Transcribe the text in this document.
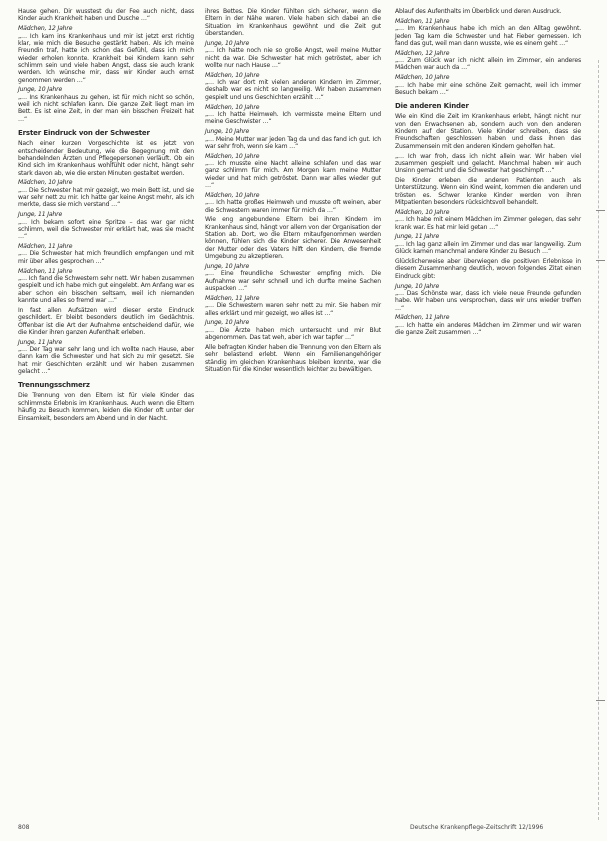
Hause gehen. Dir wusstest du der Fee auch nicht, dass Kinder auch Krankheit haben und Dusche …“

Mädchen, 12 Jahre

„… Ich kam ins Krankenhaus und mir ist jetzt erst richtig klar, wie mich die Besuche gestärkt haben. Als ich meine Freundin traf, hatte ich schon das Gefühl, dass ich mich wieder erholen konnte. Krankheit bei Kindern kann sehr schlimm sein und viele haben Angst, dass sie auch krank werden. Ich wünsche mir, dass wir Kinder auch ernst genommen werden …“

Junge, 10 Jahre

„… Ins Krankenhaus zu gehen, ist für mich nicht so schön, weil ich nicht schlafen kann. Die ganze Zeit liegt man im Bett. Es ist eine Zeit, in der man ein bisschen Freizeit hat …“

Erster Eindruck von der Schwester

Nach einer kurzen Vorgeschichte ist es jetzt von entscheidender Bedeutung, wie die Begegnung mit den behandelnden Ärzten und Pflegepersonen verläuft. Ob ein Kind sich im Krankenhaus wohlfühlt oder nicht, hängt sehr stark davon ab, wie die ersten Minuten gestaltet werden.

Mädchen, 10 Jahre

„… Die Schwester hat mir gezeigt, wo mein Bett ist, und sie war sehr nett zu mir. Ich hatte gar keine Angst mehr, als ich merkte, dass sie mich verstand …“

Junge, 11 Jahre

„… Ich bekam sofort eine Spritze – das war gar nicht schlimm, weil die Schwester mir erklärt hat, was sie macht …“

Mädchen, 11 Jahre

„… Die Schwester hat mich freundlich empfangen und mit mir über alles gesprochen …“

Mädchen, 11 Jahre

„… Ich fand die Schwestern sehr nett. Wir haben zusammen gespielt und ich habe mich gut eingelebt. Am Anfang war es aber schon ein bisschen seltsam, weil ich niemanden kannte und alles so fremd war …“

In fast allen Aufsätzen wird dieser erste Eindruck geschildert. Er bleibt besonders deutlich im Gedächtnis. Offenbar ist die Art der Aufnahme entscheidend dafür, wie die Kinder ihren ganzen Aufenthalt erleben.

Junge, 11 Jahre

„… Der Tag war sehr lang und ich wollte nach Hause, aber dann kam die Schwester und hat sich zu mir gesetzt. Sie hat mir Geschichten erzählt und wir haben zusammen gelacht …“

Trennungsschmerz

Die Trennung von den Eltern ist für viele Kinder das schlimmste Erlebnis im Krankenhaus. Auch wenn die Eltern häufig zu Besuch kommen, leiden die Kinder oft unter der Einsamkeit, besonders am Abend und in der Nacht.

ihres Bettes. Die Kinder fühlten sich sicherer, wenn die Eltern in der Nähe waren. Viele haben sich dabei an die Situation im Krankenhaus gewöhnt und die Zeit gut überstanden.

Junge, 10 Jahre

„… Ich hatte noch nie so große Angst, weil meine Mutter nicht da war. Die Schwester hat mich getröstet, aber ich wollte nur nach Hause …“

Mädchen, 10 Jahre

„… Ich war dort mit vielen anderen Kindern im Zimmer, deshalb war es nicht so langweilig. Wir haben zusammen gespielt und uns Geschichten erzählt …“

Mädchen, 10 Jahre

„… Ich hatte Heimweh. Ich vermisste meine Eltern und meine Geschwister …“

Junge, 10 Jahre

„… Meine Mutter war jeden Tag da und das fand ich gut. Ich war sehr froh, wenn sie kam …“

Mädchen, 10 Jahre

„… Ich musste eine Nacht alleine schlafen und das war ganz schlimm für mich. Am Morgen kam meine Mutter wieder und hat mich getröstet. Dann war alles wieder gut …“

Mädchen, 10 Jahre

„… Ich hatte großes Heimweh und musste oft weinen, aber die Schwestern waren immer für mich da …“

Wie eng angebundene Eltern bei ihren Kindern im Krankenhaus sind, hängt vor allem von der Organisation der Station ab. Dort, wo die Eltern mitaufgenommen werden können, fühlen sich die Kinder sicherer. Die Anwesenheit der Mutter oder des Vaters hilft den Kindern, die fremde Umgebung zu akzeptieren.

Junge, 10 Jahre

„… Eine freundliche Schwester empfing mich. Die Aufnahme war sehr schnell und ich durfte meine Sachen auspacken …“

Mädchen, 11 Jahre

„… Die Schwestern waren sehr nett zu mir. Sie haben mir alles erklärt und mir gezeigt, wo alles ist …“

Junge, 10 Jahre

„… Die Ärzte haben mich untersucht und mir Blut abgenommen. Das tat weh, aber ich war tapfer …“

Alle befragten Kinder haben die Trennung von den Eltern als sehr belastend erlebt. Wenn ein Familienangehöriger ständig im gleichen Krankenhaus bleiben konnte, war die Situation für die Kinder wesentlich leichter zu bewältigen.

Ablauf des Aufenthalts im Überblick und deren Ausdruck.

Mädchen, 11 Jahre

„… Im Krankenhaus habe ich mich an den Alltag gewöhnt. Jeden Tag kam die Schwester und hat Fieber gemessen. Ich fand das gut, weil man dann wusste, wie es einem geht …“

Mädchen, 12 Jahre

„… Zum Glück war ich nicht allein im Zimmer, ein anderes Mädchen war auch da …“

Mädchen, 10 Jahre

„… Ich habe mir eine schöne Zeit gemacht, weil ich immer Besuch bekam …“

Die anderen Kinder

Wie ein Kind die Zeit im Krankenhaus erlebt, hängt nicht nur von den Erwachsenen ab, sondern auch von den anderen Kindern auf der Station. Viele Kinder schreiben, dass sie Freundschaften geschlossen haben und dass ihnen das Zusammensein mit den anderen Kindern geholfen hat.

„… Ich war froh, dass ich nicht allein war. Wir haben viel zusammen gespielt und gelacht. Manchmal haben wir auch Unsinn gemacht und die Schwester hat geschimpft …“

Die Kinder erleben die anderen Patienten auch als Unterstützung. Wenn ein Kind weint, kommen die anderen und trösten es. Schwer kranke Kinder werden von ihren Mitpatienten besonders rücksichtsvoll behandelt.

Mädchen, 10 Jahre

„… Ich habe mit einem Mädchen im Zimmer gelegen, das sehr krank war. Es hat mir leid getan …“

Junge, 11 Jahre

„… Ich lag ganz allein im Zimmer und das war langweilig. Zum Glück kamen manchmal andere Kinder zu Besuch …“

Glücklicherweise aber überwiegen die positiven Erlebnisse in diesem Zusammenhang deutlich, wovon folgendes Zitat einen Eindruck gibt:

Junge, 10 Jahre

„… Das Schönste war, dass ich viele neue Freunde gefunden habe. Wir haben uns versprochen, dass wir uns wieder treffen …“

Mädchen, 11 Jahre

„… Ich hatte ein anderes Mädchen im Zimmer und wir waren die ganze Zeit zusammen …“

808	Deutsche Krankenpflege-Zeitschrift 12/1996
